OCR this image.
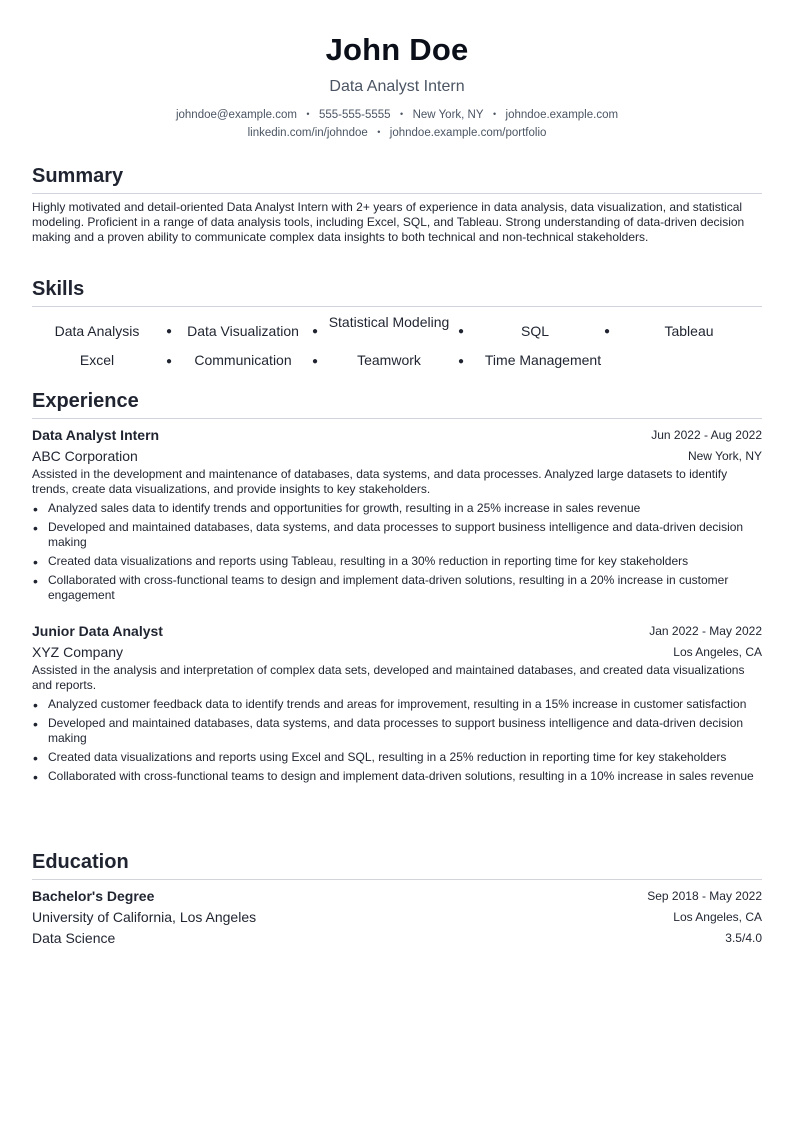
John Doe
Data Analyst Intern
johndoe@example.com • 555-555-5555 • New York, NY • johndoe.example.com
linkedin.com/in/johndoe • johndoe.example.com/portfolio
Summary
Highly motivated and detail-oriented Data Analyst Intern with 2+ years of experience in data analysis, data visualization, and statistical modeling. Proficient in a range of data analysis tools, including Excel, SQL, and Tableau. Strong understanding of data-driven decision making and a proven ability to communicate complex data insights to both technical and non-technical stakeholders.
Skills
Data Analysis	●	Data Visualization	●
Statistical Modeling
●	SQL	●	Tableau
Excel	●	Communication	●	Teamwork	●	Time Management
Experience
Data Analyst Intern	Jun 2022 - Aug 2022
ABC Corporation	New York, NY
Assisted in the development and maintenance of databases, data systems, and data processes. Analyzed large datasets to identify trends, create data visualizations, and provide insights to key stakeholders.
• Analyzed sales data to identify trends and opportunities for growth, resulting in a 25% increase in sales revenue
• Developed and maintained databases, data systems, and data processes to support business intelligence and data-driven decision making
• Created data visualizations and reports using Tableau, resulting in a 30% reduction in reporting time for key stakeholders
• Collaborated with cross-functional teams to design and implement data-driven solutions, resulting in a 20% increase in customer engagement
Junior Data Analyst	Jan 2022 - May 2022
XYZ Company	Los Angeles, CA
Assisted in the analysis and interpretation of complex data sets, developed and maintained databases, and created data visualizations and reports.
• Analyzed customer feedback data to identify trends and areas for improvement, resulting in a 15% increase in customer satisfaction
• Developed and maintained databases, data systems, and data processes to support business intelligence and data-driven decision making
• Created data visualizations and reports using Excel and SQL, resulting in a 25% reduction in reporting time for key stakeholders
• Collaborated with cross-functional teams to design and implement data-driven solutions, resulting in a 10% increase in sales revenue
Education
Bachelor's Degree	Sep 2018 - May 2022
University of California, Los Angeles	Los Angeles, CA
Data Science	3.5/4.0
